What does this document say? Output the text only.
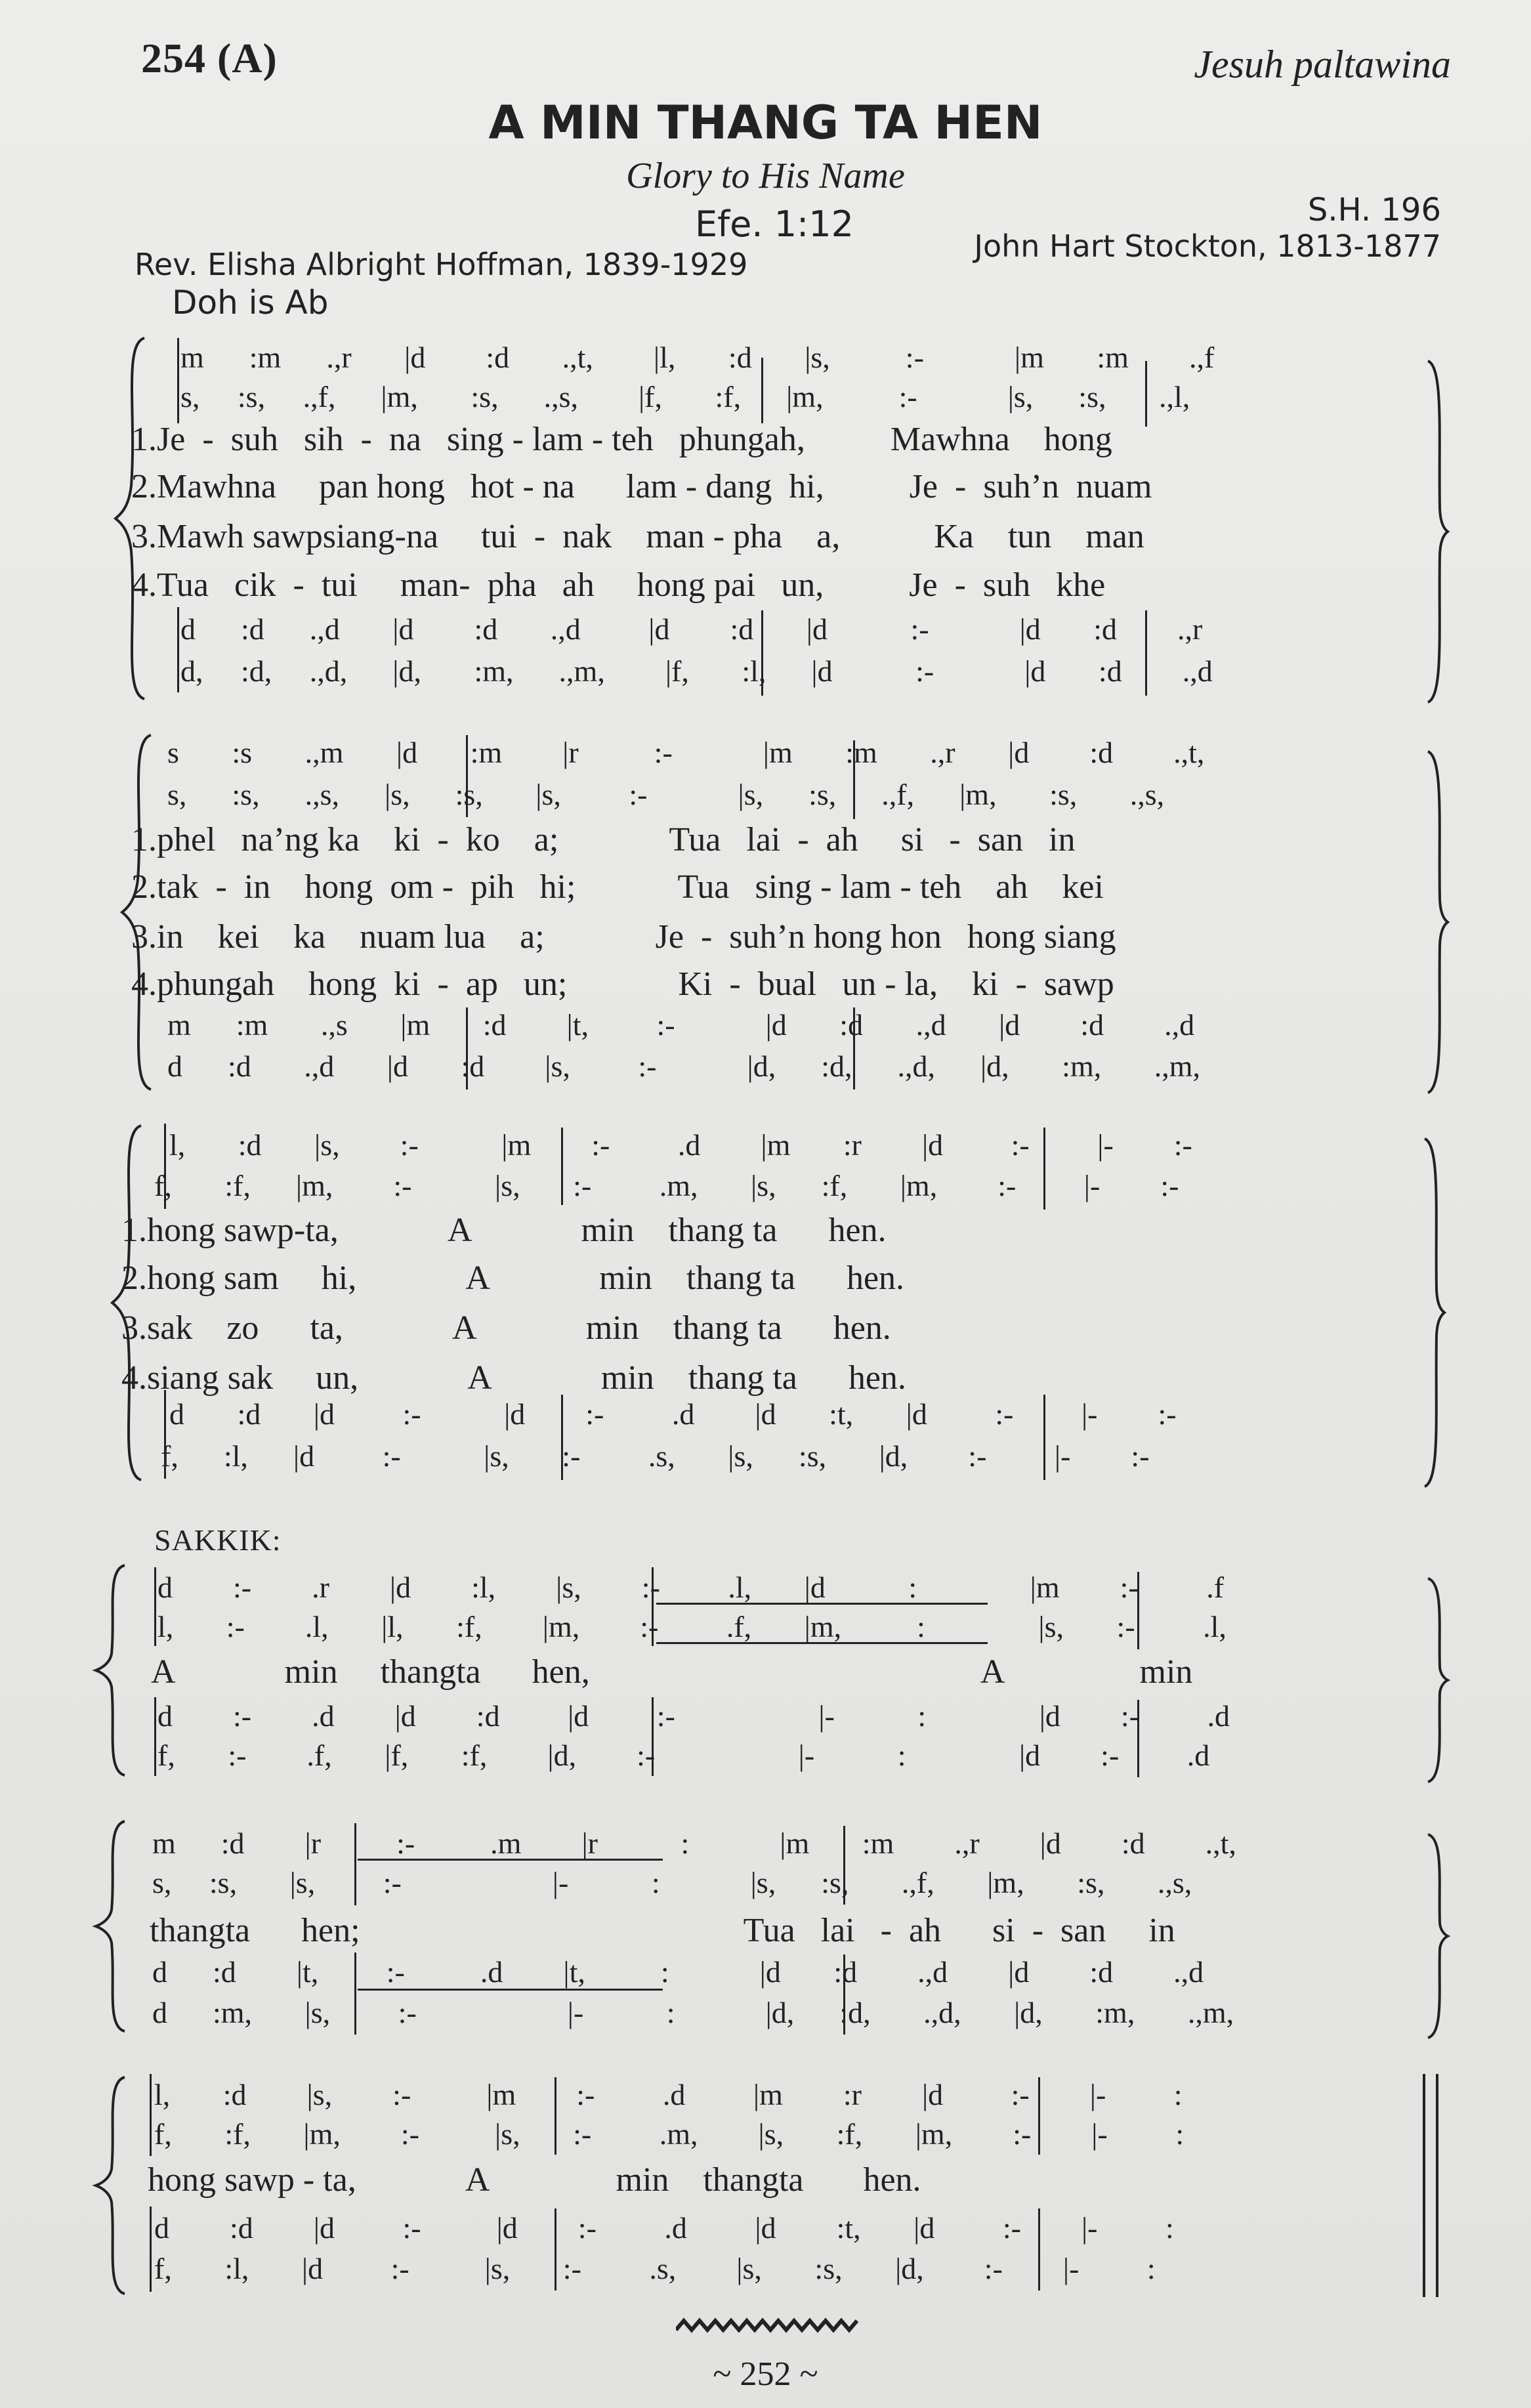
254 (A)	Jesuh paltawina
A MIN THANG TA HEN
Glory to His Name
Efe. 1:12	S.H. 196
John Hart Stockton, 1813-1877
Rev. Elisha Albright Hoffman, 1839-1929
Doh is Ab
m      :m      .,r       |d        :d       .,t,        |l,       :d       |s,          :-            |m       :m        .,f
s,     :s,     .,f,      |m,       :s,      .,s,        |f,       :f,      |m,          :-            |s,      :s,       .,l,
1.Je  -  suh   sih  -  na   sing - lam - teh   phungah,          Mawhna    hong
2.Mawhna     pan hong   hot - na      lam - dang  hi,          Je  -  suh’n  nuam
3.Mawh sawpsiang-na     tui  -  nak    man - pha    a,           Ka    tun    man
4.Tua   cik  -  tui     man-  pha   ah     hong pai   un,          Je  -  suh   khe
d      :d      .,d       |d        :d       .,d         |d        :d       |d           :-            |d       :d        .,r
d,     :d,     .,d,      |d,       :m,      .,m,        |f,       :l,      |d           :-            |d       :d        .,d
s       :s       .,m       |d       :m        |r          :-            |m       :m       .,r       |d        :d        .,t,
s,      :s,      .,s,      |s,      :s,       |s,         :-            |s,      :s,      .,f,      |m,       :s,       .,s,
1.phel   na’ng ka    ki  -  ko    a;             Tua   lai  -  ah     si   -  san   in
2.tak  -  in    hong  om -  pih   hi;            Tua   sing - lam - teh    ah    kei
3.in    kei    ka    nuam lua    a;             Je  -  suh’n hong hon   hong siang
4.phungah    hong  ki  -  ap   un;             Ki  -  bual   un - la,    ki  -  sawp
m      :m       .,s       |m       :d        |t,         :-            |d       :d       .,d       |d        :d        .,d
d      :d       .,d       |d       :d        |s,         :-            |d,      :d,      .,d,      |d,       :m,       .,m,
l,       :d       |s,        :-           |m        :-         .d        |m       :r        |d         :-         |-        :-
f,       :f,      |m,        :-           |s,       :-         .m,       |s,      :f,       |m,        :-         |-        :-
1.hong sawp-ta,             A             min    thang ta      hen.
2.hong sam     hi,             A             min    thang ta      hen.
3.sak    zo      ta,             A             min    thang ta      hen.
4.siang sak     un,             A             min    thang ta      hen.
d       :d       |d         :-           |d        :-         .d        |d       :t,       |d         :-         |-        :-
f,      :l,      |d         :-           |s,       :-         .s,       |s,      :s,       |d,        :-         |-        :-
SAKKIK:
d        :-        .r        |d        :l,        |s,        :-         .l,       |d           :               |m        :-         .f
l,       :-        .l,       |l,       :f,        |m,        :-         .f,       |m,          :               |s,       :-         .l,
A             min     thangta      hen,                                              A                min
d        :-        .d        |d        :d         |d         :-                   |-           :               |d        :-         .d
f,       :-        .f,       |f,       :f,        |d,        :-                   |-           :               |d        :-         .d
m      :d        |r          :-          .m        |r           :            |m       :m        .,r        |d        :d        .,t,
s,     :s,       |s,         :-                    |-           :            |s,      :s,       .,f,       |m,       :s,       .,s,
thangta      hen;                                             Tua   lai   -  ah      si  -  san     in
d      :d        |t,         :-          .d        |t,          :            |d       :d        .,d        |d        :d        .,d
d      :m,       |s,         :-                    |-           :            |d,      :d,       .,d,       |d,       :m,       .,m,
l,       :d        |s,        :-          |m        :-         .d         |m        :r        |d         :-        |-         :
f,       :f,       |m,        :-          |s,       :-         .m,        |s,       :f,       |m,        :-        |-         :
hong sawp - ta,             A               min    thangta       hen.
d        :d        |d         :-          |d        :-         .d         |d        :t,       |d         :-        |-         :
f,       :l,       |d         :-          |s,       :-         .s,        |s,       :s,       |d,        :-        |-         :
~ 252 ~
